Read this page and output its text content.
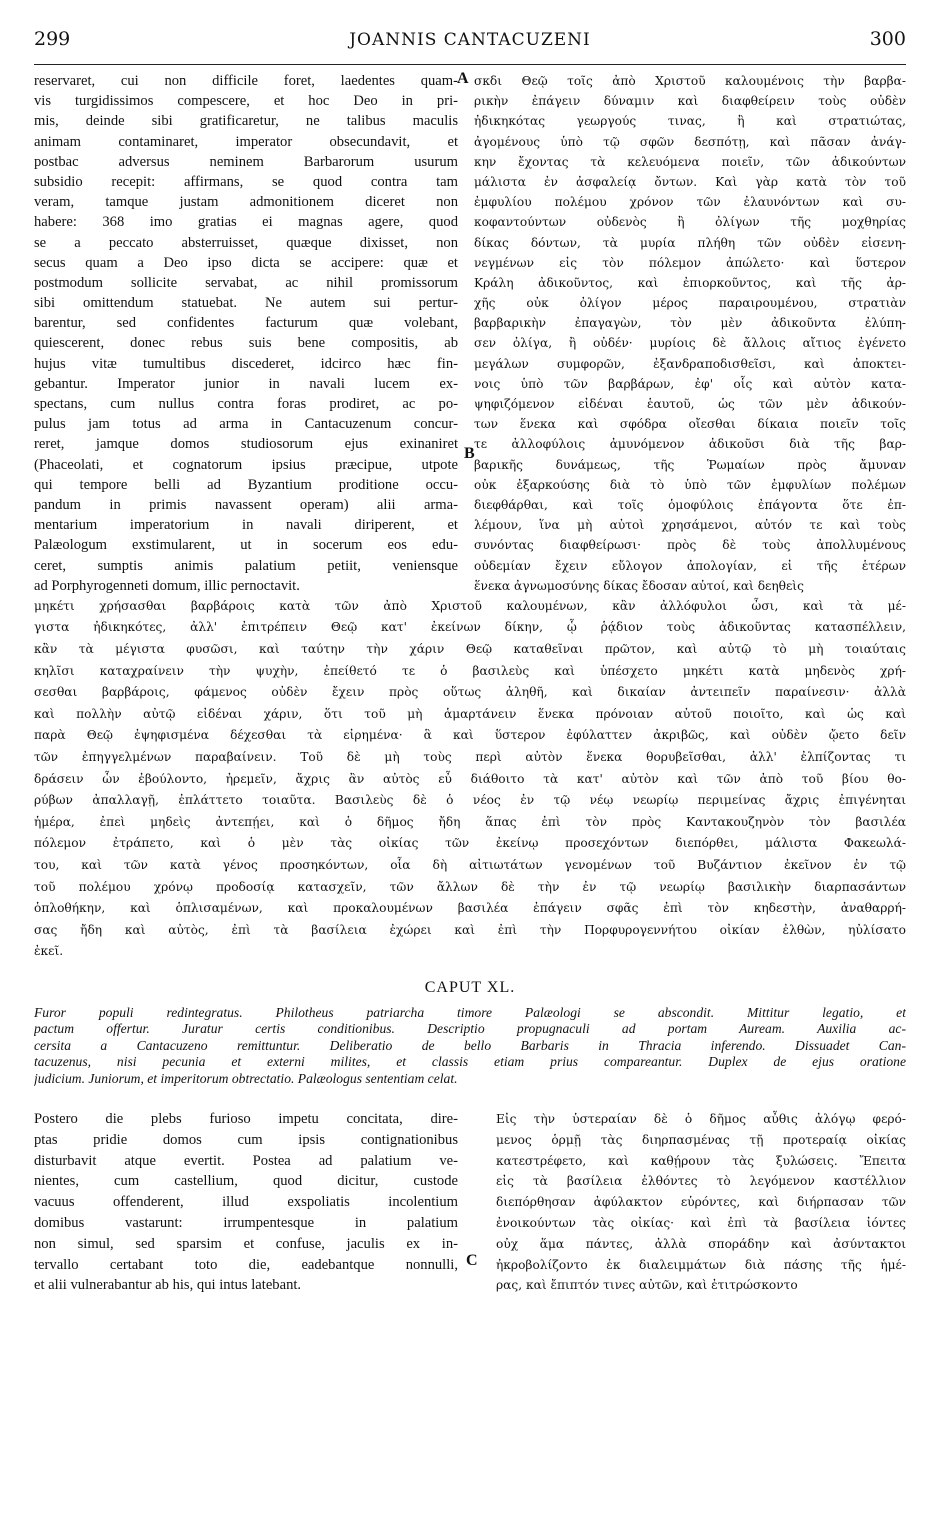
299	JOANNIS CANTACUZENI	300
reservaret, cui non difficile foret, laedentes quam-
vis turgidissimos compescere, et hoc Deo in pri-
mis, deinde sibi gratificaretur, ne talibus maculis
animam contaminaret, imperator obsecundavit, et
postbac adversus neminem Barbarorum usurum
subsidio recepit: affirmans, se quod contra tam
veram, tamque justam admonitionem diceret non
habere: 368 imo gratias ei magnas agere, quod
se a peccato absterruisset, quæque dixisset, non
secus quam a Deo ipso dicta se accipere: quæ et
postmodum sollicite servabat, ac nihil promissorum
sibi omittendum statuebat. Ne autem sui pertur-
barentur, sed confidentes facturum quæ volebant,
quiescerent, donec rebus suis bene compositis, ab
hujus vitæ tumultibus discederet, idcirco hæc fin-
gebantur. Imperator junior in navali lucem ex-
spectans, cum nullus contra foras prodiret, ac po-
pulus jam totus ad arma in Cantacuzenum concur-
reret, jamque domos studiosorum ejus exinaniret
(Phaceolati, et cognatorum ipsius præcipue, utpote
qui tempore belli ad Byzantium proditione occu-
pandum in primis navassent operam) alii arma-
mentarium imperatorium in navali diriperent, et
Palæologum exstimularent, ut in socerum eos edu-
ceret, sumptis animis palatium petiit, veniensque
ad Porphyrogenneti domum, illic pernoctavit.
σκδι Θεῷ τοῖς ἀπὸ Χριστοῦ καλουμένοις τὴν βαρβα-
ρικὴν ἐπάγειν δύναμιν καὶ διαφθείρειν τοὺς οὐδὲν
ἠδικηκότας γεωργούς τινας, ἢ καὶ στρατιώτας,
ἀγομένους ὑπὸ τῷ σφῶν δεσπότῃ, καὶ πᾶσαν ἀνάγ-
κην ἔχοντας τὰ κελευόμενα ποιεῖν, τῶν ἀδικούντων
μάλιστα ἐν ἀσφαλείᾳ ὄντων. Καὶ γὰρ κατὰ τὸν τοῦ
ἐμφυλίου πολέμου χρόνον τῶν ἐλαυνόντων καὶ συ-
κοφαντούντων οὐδενὸς ἢ ὀλίγων τῆς μοχθηρίας
δίκας δόντων, τὰ μυρία πλήθη τῶν οὐδὲν εἰσενη-
νεγμένων εἰς τὸν πόλεμον ἀπώλετο· καὶ ὕστερον
Κράλη ἀδικοῦντος, καὶ ἐπιορκοῦντος, καὶ τῆς ἀρ-
χῆς οὐκ ὀλίγον μέρος παραιρουμένου, στρατιὰν
βαρβαρικὴν ἐπαγαγὼν, τὸν μὲν ἀδικοῦντα ἐλύπη-
σεν ὀλίγα, ἢ οὐδέν· μυρίοις δὲ ἄλλοις αἴτιος ἐγένετο
μεγάλων συμφορῶν, ἐξανδραποδισθεῖσι, καὶ ἀποκτει-
νοις ὑπὸ τῶν βαρβάρων, ἐφ' οἷς καὶ αὐτὸν κατα-
ψηφιζόμενον εἰδέναι ἑαυτοῦ, ὡς τῶν μὲν ἀδικούν-
των ἕνεκα καὶ σφόδρα οἴεσθαι δίκαια ποιεῖν τοῖς
τε ἀλλοφύλοις ἀμυνόμενον ἀδικοῦσι διὰ τῆς βαρ-
βαρικῆς δυνάμεως, τῆς Ῥωμαίων πρὸς ἄμυναν
οὐκ ἐξαρκούσης διὰ τὸ ὑπὸ τῶν ἐμφυλίων πολέμων
διεφθάρθαι, καὶ τοῖς ὁμοφύλοις ἐπάγοντα ὅτε ἐπ-
λέμουν, ἵνα μὴ αὐτοὶ χρησάμενοι, αὐτόν τε καὶ τοὺς
συνόντας διαφθείρωσι· πρὸς δὲ τοὺς ἀπολλυμένους
οὐδεμίαν ἔχειν εὔλογον ἀπολογίαν, εἰ τῆς ἑτέρων
ἕνεκα ἀγνωμοσύνης δίκας ἔδοσαν αὐτοί, καὶ δεηθεὶς
μηκέτι χρήσασθαι βαρβάροις κατὰ τῶν ἀπὸ Χριστοῦ καλουμένων, κἂν ἀλλόφυλοι ὦσι, καὶ τὰ μέ-
γιστα ἠδικηκότες, ἀλλ' ἐπιτρέπειν Θεῷ κατ' ἐκείνων δίκην, ᾧ ῥᾴδιον τοὺς ἀδικοῦντας κατασπέλλειν,
κἂν τὰ μέγιστα φυσῶσι, καὶ ταύτην τὴν χάριν Θεῷ καταθεῖναι πρῶτον, καὶ αὐτῷ τὸ μὴ τοιαύταις
κηλῖσι καταχραίνειν τὴν ψυχὴν, ἐπείθετό τε ὁ βασιλεὺς καὶ ὑπέσχετο μηκέτι κατὰ μηδενὸς χρή-
σεσθαι βαρβάροις, φάμενος οὐδὲν ἔχειν πρὸς οὕτως ἀληθῆ, καὶ δικαίαν ἀντειπεῖν παραίνεσιν· ἀλλὰ
καὶ πολλὴν αὐτῷ εἰδέναι χάριν, ὅτι τοῦ μὴ ἁμαρτάνειν ἕνεκα πρόνοιαν αὐτοῦ ποιοῖτο, καὶ ὡς καὶ
παρὰ Θεῷ ἐψηφισμένα δέχεσθαι τὰ εἰρημένα· ἃ καὶ ὕστερον ἐφύλαττεν ἀκριβῶς, καὶ οὐδὲν ᾤετο δεῖν
τῶν ἐπηγγελμένων παραβαίνειν. Τοῦ δὲ μὴ τοὺς περὶ αὐτὸν ἕνεκα θορυβεῖσθαι, ἀλλ' ἐλπίζοντας τι
δράσειν ὧν ἐβούλοντο, ἠρεμεῖν, ἄχρις ἂν αὐτὸς εὖ διάθοιτο τὰ κατ' αὐτὸν καὶ τῶν ἀπὸ τοῦ βίου θο-
ρύβων ἀπαλλαγῇ, ἐπλάττετο τοιαῦτα. Βασιλεὺς δὲ ὁ νέος ἐν τῷ νέῳ νεωρίῳ περιμείνας ἄχρις ἐπιγένηται
ἡμέρα, ἐπεὶ μηδεὶς ἀντεπῄει, καὶ ὁ δῆμος ἤδη ἅπας ἐπὶ τὸν πρὸς Καντακουζηνὸν τὸν βασιλέα
πόλεμον ἐτράπετο, καὶ ὁ μὲν τὰς οἰκίας τῶν ἐκείνῳ προσεχόντων διεπόρθει, μάλιστα Φακεωλά-
του, καὶ τῶν κατὰ γένος προσηκόντων, οἷα δὴ αἰτιωτάτων γενομένων τοῦ Βυζάντιον ἐκεῖνον ἐν τῷ
τοῦ πολέμου χρόνῳ προδοσίᾳ κατασχεῖν, τῶν ἄλλων δὲ τὴν ἐν τῷ νεωρίῳ βασιλικὴν διαρπασάντων
ὁπλοθήκην, καὶ ὁπλισαμένων, καὶ προκαλουμένων βασιλέα ἐπάγειν σφᾶς ἐπὶ τὸν κηδεστὴν, ἀναθαρρή-
σας ἤδη καὶ αὐτὸς, ἐπὶ τὰ βασίλεια ἐχώρει καὶ ἐπὶ τὴν Πορφυρογεννήτου οἰκίαν ἐλθὼν, ηὐλίσατο
ἐκεῖ.
CAPUT XL.
Furor populi redintegratus. Philotheus patriarcha timore Palæologi se abscondit. Mittitur legatio, et
pactum offertur. Juratur certis conditionibus. Descriptio propugnaculi ad portam Auream. Auxilia ac-
cersita a Cantacuzeno remittuntur. Deliberatio de bello Barbaris in Thracia inferendo. Dissuadet Can-
tacuzenus, nisi pecunia et externi milites, et classis etiam prius compareantur. Duplex de ejus oratione
judicium. Juniorum, et imperitorum obtrectatio. Palæologus sententiam celat.
Postero die plebs furioso impetu concitata, dire-
ptas pridie domos cum ipsis contignationibus
disturbavit atque evertit. Postea ad palatium ve-
nientes, cum castellium, quod dicitur, custode
vacuus offenderent, illud exspoliatis incolentium
domibus vastarunt: irrumpentesque in palatium
non simul, sed sparsim et confuse, jaculis ex in-
tervallo certabant toto die, eadebantque nonnulli,
et alii vulnerabantur ab his, qui intus latebant.
Εἰς τὴν ὑστεραίαν δὲ ὁ δῆμος αὖθις ἀλόγῳ φερό-
μενος ὁρμῇ τὰς διηρπασμένας τῇ προτεραίᾳ οἰκίας
κατεστρέφετο, καὶ καθῄρουν τὰς ξυλώσεις. Ἔπειτα
εἰς τὰ βασίλεια ἐλθόντες τὸ λεγόμενον καστέλλιον
διεπόρθησαν ἀφύλακτον εὑρόντες, καὶ διήρπασαν τῶν
ἐνοικούντων τὰς οἰκίας· καὶ ἐπὶ τὰ βασίλεια ἰόντες
οὐχ ἅμα πάντες, ἀλλὰ σποράδην καὶ ἀσύντακτοι
ἠκροβολίζοντο ἐκ διαλειμμάτων διὰ πάσης τῆς ἡμέ-
ρας, καὶ ἔπιπτόν τινες αὐτῶν, καὶ ἐτιτρώσκοντο
A
B
C
